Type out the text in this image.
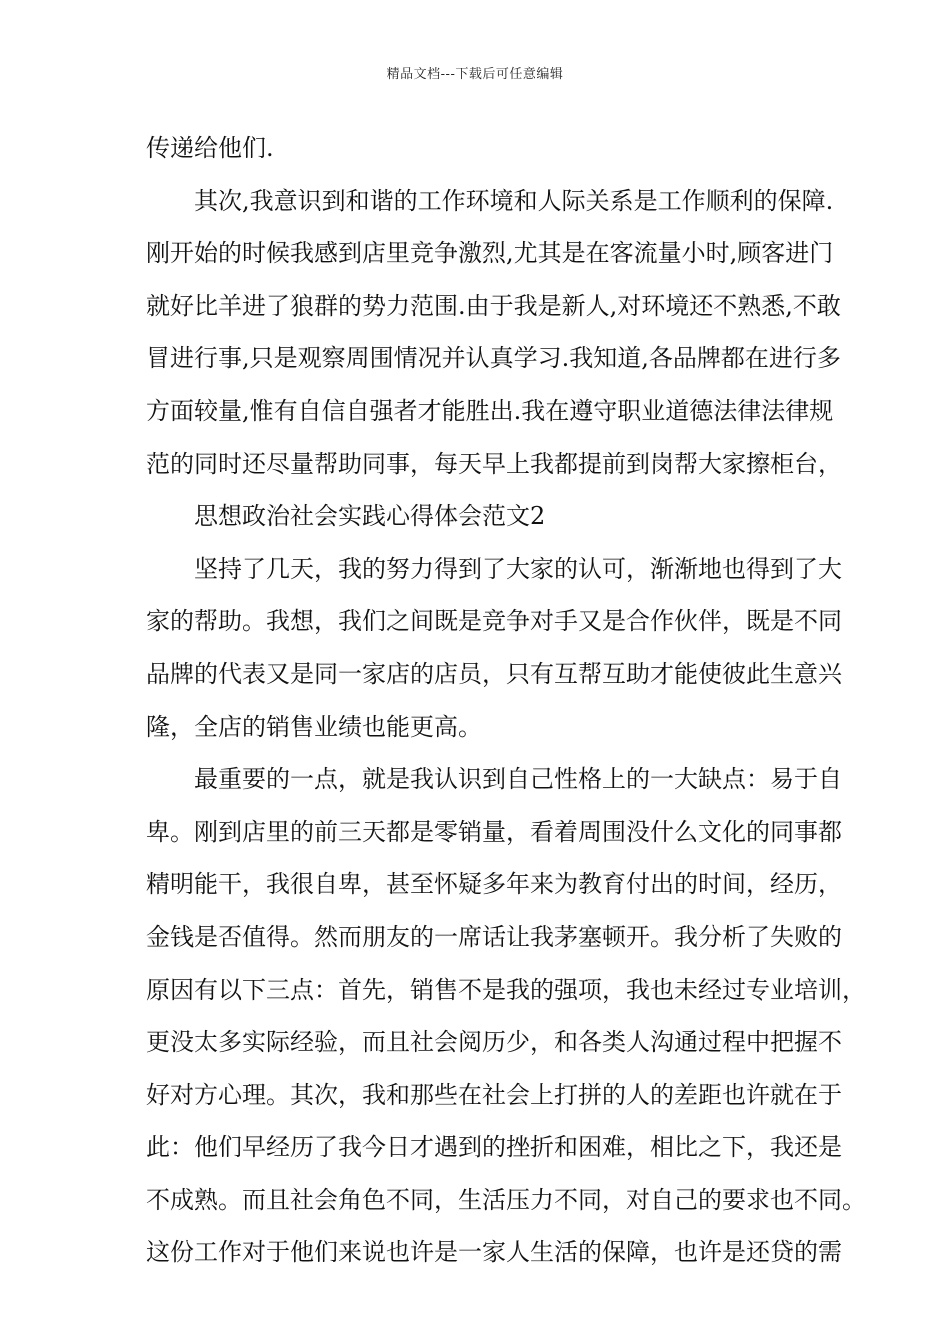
精品文档---下载后可任意编辑
传递给他们.
其次,我意识到和谐的工作环境和人际关系是工作顺利的保障.
刚开始的时候我感到店里竞争激烈,尤其是在客流量小时,顾客进门
就好比羊进了狼群的势力范围.由于我是新人,对环境还不熟悉,不敢
冒进行事,只是观察周围情况并认真学习.我知道,各品牌都在进行多
方面较量,惟有自信自强者才能胜出.我在遵守职业道德法律法律规
范的同时还尽量帮助同事，每天早上我都提前到岗帮大家擦柜台，
思想政治社会实践心得体会范文2
坚持了几天，我的努力得到了大家的认可，渐渐地也得到了大
家的帮助。我想，我们之间既是竞争对手又是合作伙伴，既是不同
品牌的代表又是同一家店的店员，只有互帮互助才能使彼此生意兴
隆，全店的销售业绩也能更高。
最重要的一点，就是我认识到自己性格上的一大缺点：易于自
卑。刚到店里的前三天都是零销量，看着周围没什么文化的同事都
精明能干，我很自卑，甚至怀疑多年来为教育付出的时间，经历，
金钱是否值得。然而朋友的一席话让我茅塞顿开。我分析了失败的
原因有以下三点：首先，销售不是我的强项，我也未经过专业培训，
更没太多实际经验，而且社会阅历少，和各类人沟通过程中把握不
好对方心理。其次，我和那些在社会上打拼的人的差距也许就在于
此：他们早经历了我今日才遇到的挫折和困难，相比之下，我还是
不成熟。而且社会角色不同，生活压力不同，对自己的要求也不同。
这份工作对于他们来说也许是一家人生活的保障，也许是还贷的需
